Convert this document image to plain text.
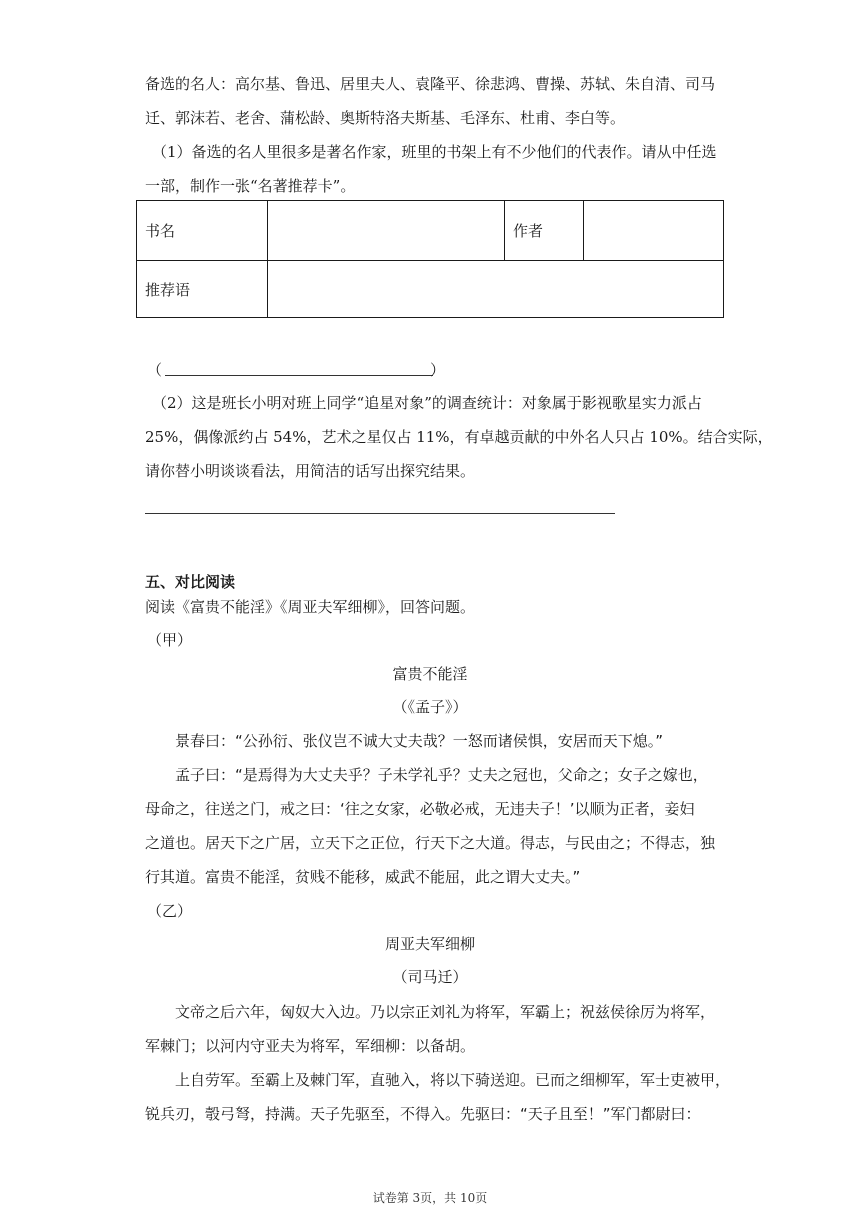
备选的名人：高尔基、鲁迅、居里夫人、袁隆平、徐悲鸿、曹操、苏轼、朱自清、司马
迁、郭沫若、老舍、蒲松龄、奥斯特洛夫斯基、毛泽东、杜甫、李白等。
（1）备选的名人里很多是著名作家，班里的书架上有不少他们的代表作。请从中任选
一部，制作一张“名著推荐卡”。
书名		作者	
推荐语			
（	）
（2）这是班长小明对班上同学“追星对象”的调查统计：对象属于影视歌星实力派占
25%，偶像派约占 54%，艺术之星仅占 11%，有卓越贡献的中外名人只占 10%。结合实际，
请你替小明谈谈看法，用简洁的话写出探究结果。
五、对比阅读
阅读《富贵不能淫》《周亚夫军细柳》，回答问题。
（甲）
富贵不能淫
（《孟子》）
景春曰：“公孙衍、张仪岂不诚大丈夫哉？一怒而诸侯惧，安居而天下熄。”
孟子曰：“是焉得为大丈夫乎？子未学礼乎？丈夫之冠也，父命之；女子之嫁也，
母命之，往送之门，戒之曰：‘往之女家，必敬必戒，无违夫子！’以顺为正者，妾妇
之道也。居天下之广居，立天下之正位，行天下之大道。得志，与民由之；不得志，独
行其道。富贵不能淫，贫贱不能移，威武不能屈，此之谓大丈夫。”
（乙）
周亚夫军细柳
（司马迁）
文帝之后六年，匈奴大入边。乃以宗正刘礼为将军，军霸上；祝兹侯徐厉为将军，
军棘门；以河内守亚夫为将军，军细柳：以备胡。
上自劳军。至霸上及棘门军，直驰入，将以下骑送迎。已而之细柳军，军士吏被甲，
锐兵刃，彀弓弩，持满。天子先驱至，不得入。先驱曰：“天子且至！”军门都尉曰：
试卷第 3页，共 10页
